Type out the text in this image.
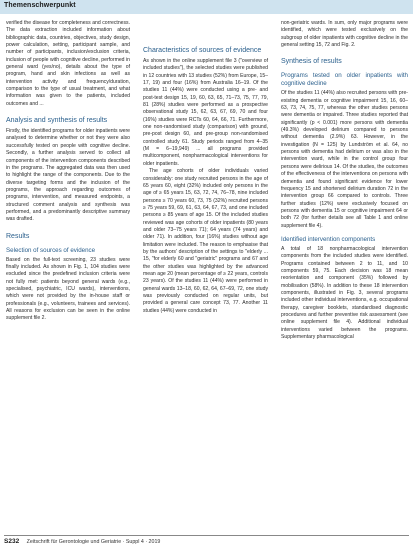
Themenschwerpunkt

verified the disease for completeness and correctness. The data extraction included information about bibliographic data, countries, objectives, study design, power calculation, setting, participant sample, and number of participants, inclusion/exclusion criteria, inclusion of people with cognitive decline, performed in general ward (yes/no), details about the type of program, hand and skin infections as well as intervention activity and frequency/duration, comparison to the type of usual treatment, and what information was given to the patients, included outcomes and ...

Analysis and synthesis of results

Firstly, the identified programs for older inpatients were analysed to determine whether or not they were also successfully tested on people with cognitive decline. Secondly, a further analysis served to collect all components of the intervention components described in the programs. The aggregated data was then used to highlight the range of the components. Due to the diverse targeting forms and the inclusion of the programs, the approach regarding outcomes of programs, intervention, and measured endpoints, a structured comment analysis and synthesis was performed, and a predominantly descriptive summary was drafted.

Results
Selection of sources of evidence

Based on the full-text screening, 23 studies were finally included. As shown in Fig. 1, 104 studies were excluded since the predefined inclusion criteria were not fully met: patients beyond general wards (e.g., specialised, psychiatric, ICU wards), interventions, which were not provided by the in-house staff or professionals (e.g., volunteers, trainees and services). All reasons for exclusion can be seen in the online supplement file 2.

Characteristics of sources of evidence

As shown in the online supplement file 3 ("overview of included studies"), the selected studies were published in 12 countries with 13 studies (52%) from Europe, 15–17, 19) and four (16%) from Australia 16–19. Of the studies 11 (44%) were conducted using a pre- and post-test design 15, 19, 60, 63, 65, 71–73, 75, 77, 79, 81 (28%) studies were performed as a prospective observational study 15, 62, 63, 67, 69, 70 and four (16%) studies were RCTs 60, 64, 66, 71. Furthermore, one non-randomised study (comparison) with ground, pre-post design 60, and pre-group non-randomised controlled study 61. Study periods ranged from 4–35 (M = 6–19,949) ... all programs provided multicomponent, nonpharmacological interventions for older inpatients.

The age cohorts of older individuals varied considerably: one study recruited persons in the age of 65 years 60, eight (32%) included only persons in the age of ≥ 65 years 15, 63, 72, 74, 76–78, nine included persons ≥ 70 years 60, 73, 75 (32%) recruited persons ≥ 75 years 59, 69, 61, 63, 64, 67, 73, and one included persons ≥ 85 years of age 15. Of the included studies reviewed was age cohorts of older inpatients (80 years and older 73–75 years 71); 64 years (74 years) and older 71). In addition, four (16%) studies without age limitation were included. The reason to emphasise that by the authors' description of the settings to "elderly ... 15, "for elderly 60 and "geriatric" programs and 67 and the other studies was highlighted by the advanced mean age 20 (mean percentage of ≥ 22 years, controls 23 years). Of the studies 11 (44%) were performed in general wards 13–18, 60, 62, 64, 67–69, 72, one study was previously conducted on regular units, but provided a general care concept 73, 77. Another 11 studies (44%) were conducted in

non-geriatric wards. In sum, only major programs were identified, which were tested exclusively on the subgroup of older inpatients with cognitive decline in the general setting 15, 72 and Fig. 2.

Synthesis of results
Programs tested on older inpatients with cognitive decline

Of the studies 11 (44%) also recruited persons with pre-existing dementia or cognitive impairment 15, 16, 60–63, 73, 74, 75, 77, whereas the other studies persons were dementia or impaired. Three studies reported that significantly (p < 0.001) more persons with dementia (49.3%) developed delirium compared to persons without dementia (2.9%) 63. However, in the investigation (N = 125) by Lundström et al. 64, no persons with dementia had delirium or was also in the intervention ward, while in the control group four persons were delirious 14. Of the studies, the outcomes of the effectiveness of the interventions on persons with dementia and found significant evidence for lower frequency 15 and shortened delirium duration 72 in the intervention group 66 compared to controls. Three further studies (12%) were exclusively focused on persons with dementia 15 or cognitive impairment 64 or both 72 (for further details see all Table 1 and online supplement file 4).

Identified intervention components

A total of 18 nonpharmacological intervention components from the included studies were identified. Programs contained between 2 to 11, and 10 components 59, 75. Each decision was 18 mean reorientation and component (35%) followed by mobilisation (58%). In addition to these 18 intervention components, illustrated in Fig. 3, several programs included other individual interventions, e.g. occupational therapy, caregiver booklets, standardised diagnostic procedures and further preventive risk assessment (see online supplement file 4). Additional individual interventions varied between the programs. Supplementary pharmacological

S232 Zeitschrift für Gerontologie und Geriatrie · Suppl 4 · 2019
